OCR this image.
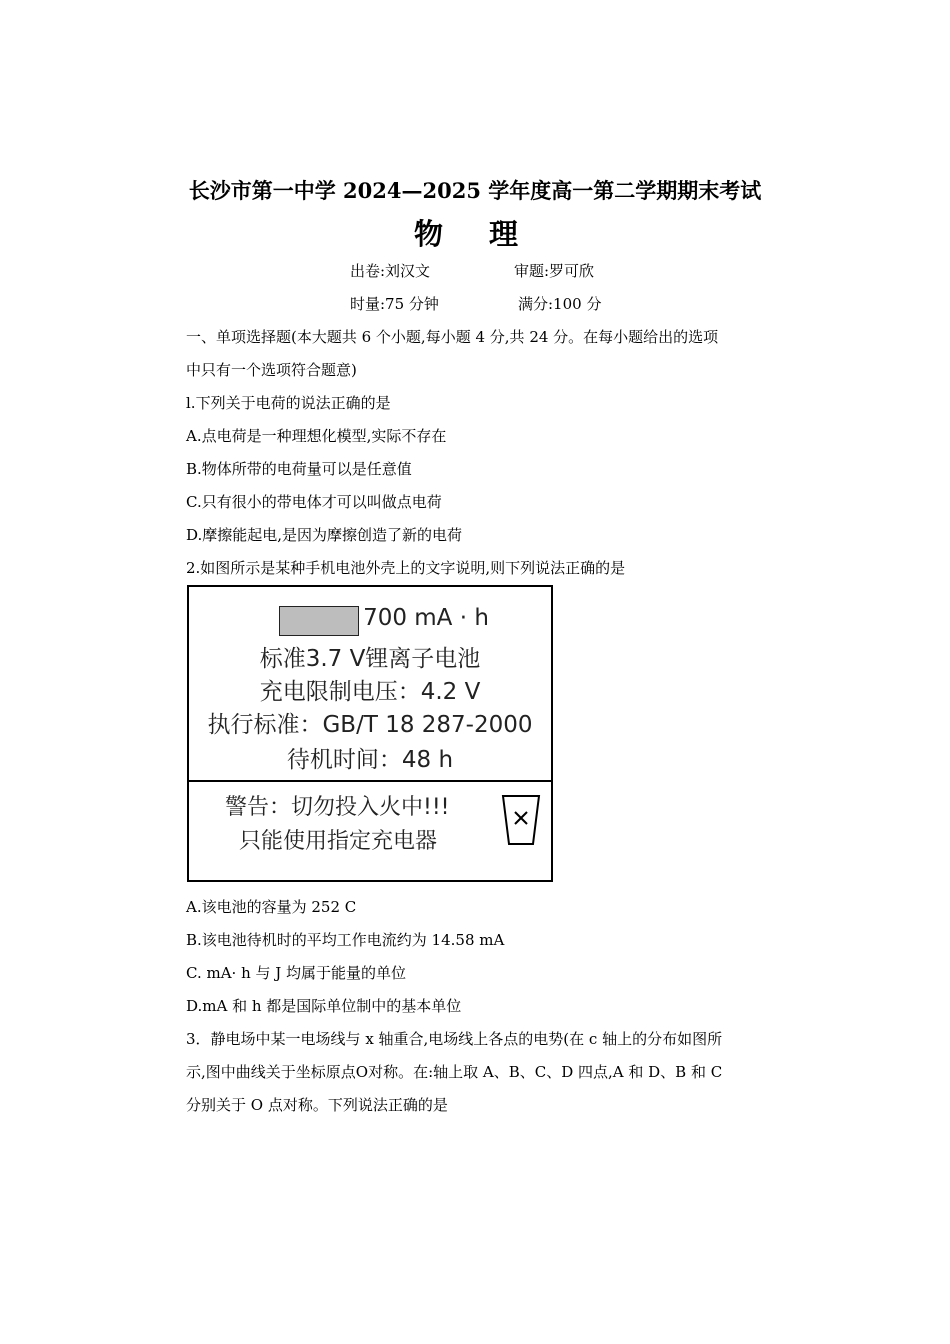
长沙市第一中学 2024—2025 学年度高一第二学期期末考试
物 理
出卷:刘汉文	审题:罗可欣
时量:75 分钟	满分:100 分
一、单项选择题(本大题共 6 个小题,每小题 4 分,共 24 分。在每小题给出的选项
中只有一个选项符合题意)
l.下列关于电荷的说法正确的是
A.点电荷是一种理想化模型,实际不存在
B.物体所带的电荷量可以是任意值
C.只有很小的带电体才可以叫做点电荷
D.摩擦能起电,是因为摩擦创造了新的电荷
2.如图所示是某种手机电池外壳上的文字说明,则下列说法正确的是
700 mA · h
标准3.7 V锂离子电池
充电限制电压：4.2 V
执行标准：GB/T 18 287-2000
待机时间：48 h
警告：切勿投入火中!!!
只能使用指定充电器
A.该电池的容量为 252 C
B.该电池待机时的平均工作电流约为 14.58 mA
C. mA· h 与 J 均属于能量的单位
D.mA 和 h 都是国际单位制中的基本单位
3．静电场中某一电场线与 x 轴重合,电场线上各点的电势(在 c 轴上的分布如图所
示,图中曲线关于坐标原点O对称。在:轴上取 A、B、C、D 四点,A 和 D、B 和 C
分别关于 O 点对称。下列说法正确的是
